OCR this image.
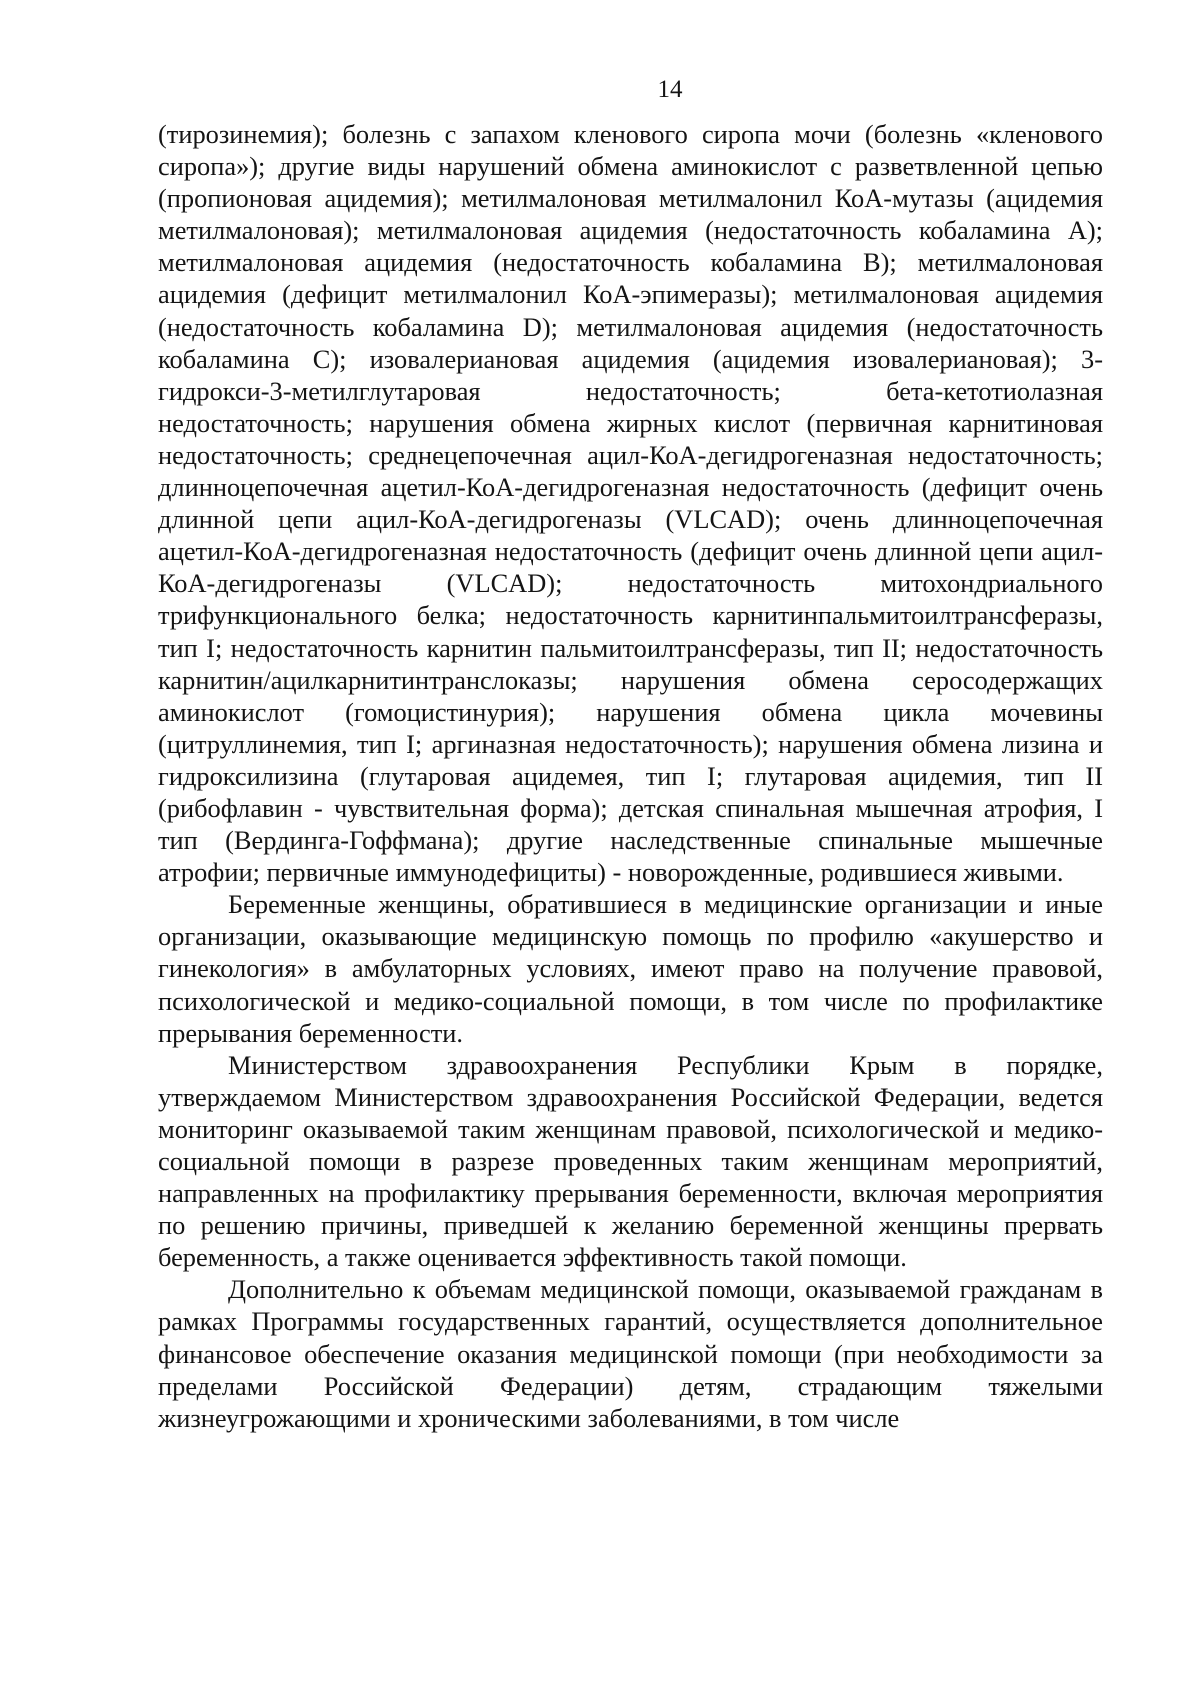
14

(тирозинемия); болезнь с запахом кленового сиропа мочи (болезнь «кленового сиропа»); другие виды нарушений обмена аминокислот с разветвленной цепью (пропионовая ацидемия); метилмалоновая метилмалонил КоА-мутазы (ацидемия метилмалоновая); метилмалоновая ацидемия (недостаточность кобаламина A); метилмалоновая ацидемия (недостаточность кобаламина B); метилмалоновая ацидемия (дефицит метилмалонил КоА-эпимеразы); метилмалоновая ацидемия (недостаточность кобаламина D); метилмалоновая ацидемия (недостаточность кобаламина C); изовалериановая ацидемия (ацидемия изовалериановая); 3-гидрокси-3-метилглутаровая недостаточность; бета-кетотиолазная недостаточность; нарушения обмена жирных кислот (первичная карнитиновая недостаточность; среднецепочечная ацил-КоА-дегидрогеназная недостаточность; длинноцепочечная ацетил-КоА-дегидрогеназная недостаточность (дефицит очень длинной цепи ацил-КоА-дегидрогеназы (VLCAD); очень длинноцепочечная ацетил-КоА-дегидрогеназная недостаточность (дефицит очень длинной цепи ацил-КоА-дегидрогеназы (VLCAD); недостаточность митохондриального трифункционального белка; недостаточность карнитинпальмитоилтрансферазы, тип I; недостаточность карнитин пальмитоилтрансферазы, тип II; недостаточность карнитин/ацилкарнитинтранслоказы; нарушения обмена серосодержащих аминокислот (гомоцистинурия); нарушения обмена цикла мочевины (цитруллинемия, тип I; аргиназная недостаточность); нарушения обмена лизина и гидроксилизина (глутаровая ацидемея, тип I; глутаровая ацидемия, тип II (рибофлавин - чувствительная форма); детская спинальная мышечная атрофия, I тип (Вердинга-Гоффмана); другие наследственные спинальные мышечные атрофии; первичные иммунодефициты) - новорожденные, родившиеся живыми.

Беременные женщины, обратившиеся в медицинские организации и иные организации, оказывающие медицинскую помощь по профилю «акушерство и гинекология» в амбулаторных условиях, имеют право на получение правовой, психологической и медико-социальной помощи, в том числе по профилактике прерывания беременности.

Министерством здравоохранения Республики Крым в порядке, утверждаемом Министерством здравоохранения Российской Федерации, ведется мониторинг оказываемой таким женщинам правовой, психологической и медико-социальной помощи в разрезе проведенных таким женщинам мероприятий, направленных на профилактику прерывания беременности, включая мероприятия по решению причины, приведшей к желанию беременной женщины прервать беременность, а также оценивается эффективность такой помощи.

Дополнительно к объемам медицинской помощи, оказываемой гражданам в рамках Программы государственных гарантий, осуществляется дополнительное финансовое обеспечение оказания медицинской помощи (при необходимости за пределами Российской Федерации) детям, страдающим тяжелыми жизнеугрожающими и хроническими заболеваниями, в том числе
